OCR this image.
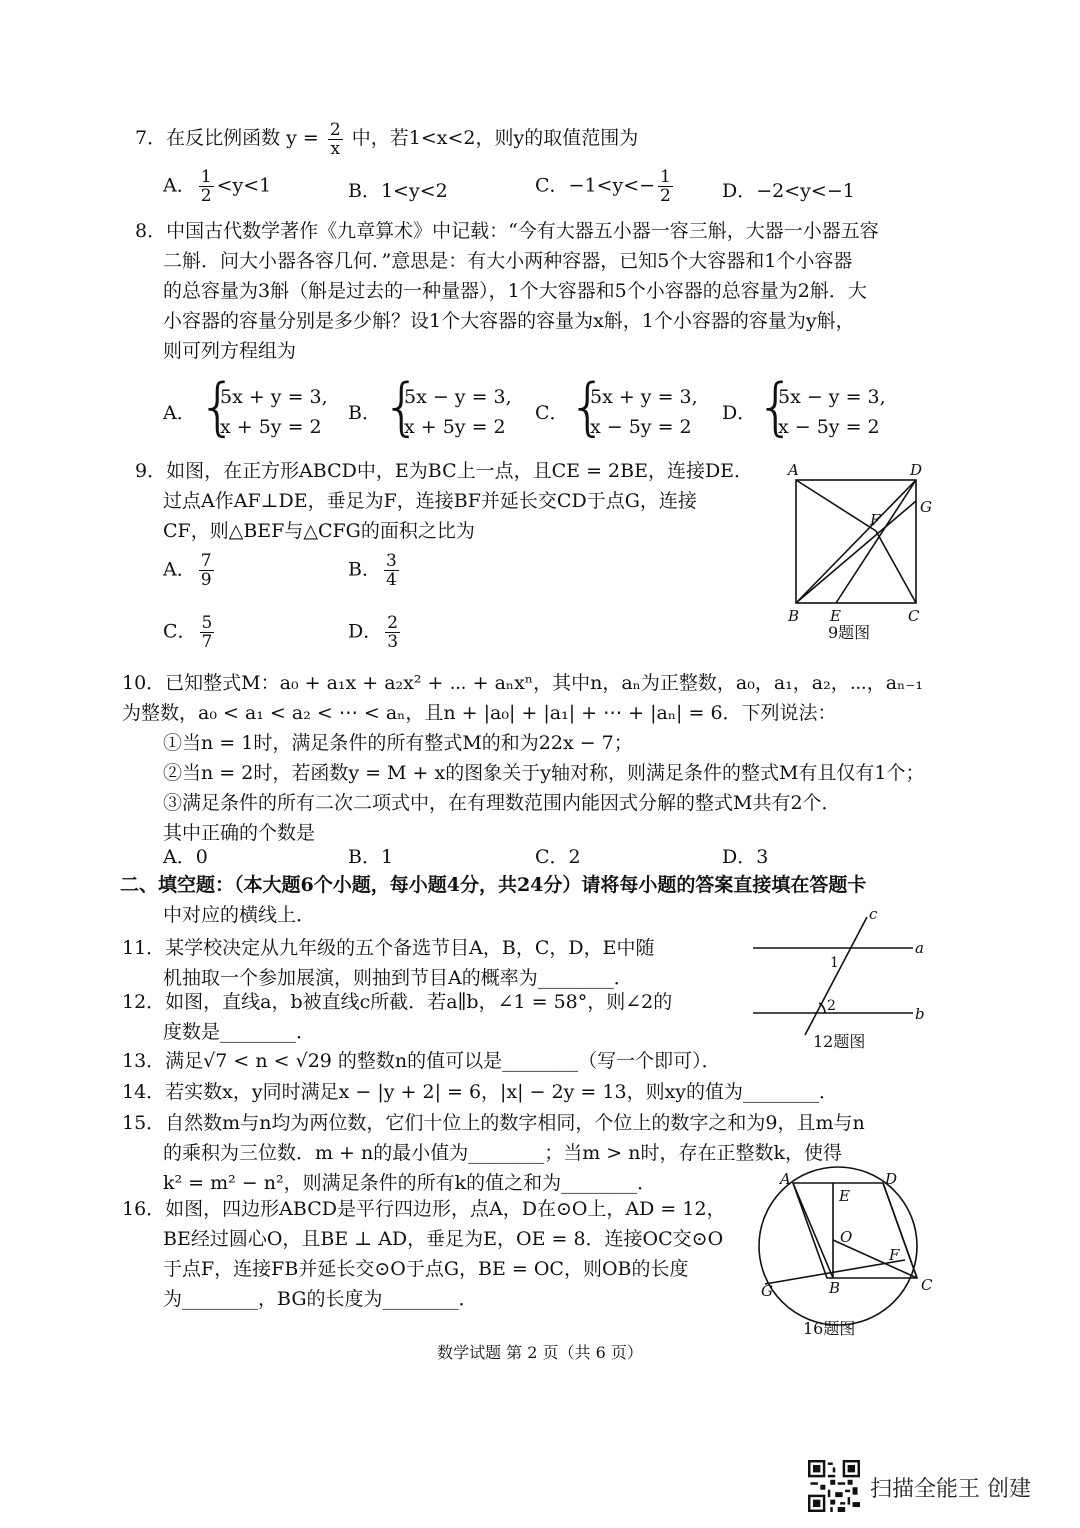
7．在反比例函数 $y = \frac{2}{x}$ 中，若1<x<2，则y的取值范围为
A． $\frac{1}{2} <y<1$	B．1<y<2	C．$-1<y<- \frac{1}{2}$	D．−2<y<−1
8．中国古代数学著作《九章算术》中记载：“今有大器五小器一容三斛，大器一小器五容
二斛．问大小器各容几何．”意思是：有大小两种容器，已知5个大容器和1个小容器
的总容量为3斛（斛是过去的一种量器），1个大容器和5个小容器的总容量为2斛．大
小容器的容量分别是多少斛？设1个大容器的容量为x斛，1个小容器的容量为y斛，
则可列方程组为
A． {
5x + y = 3,
x + 5y = 2
B． {
5x − y = 3,
x + 5y = 2
C． {
5x + y = 3,
x − 5y = 2
D． {
5x − y = 3,
x − 5y = 2
9．如图，在正方形ABCD中，E为BC上一点，且CE = 2BE，连接DE．
过点A作AF⊥DE，垂足为F，连接BF并延长交CD于点G，连接
CF，则△BEF与△CFG的面积之比为
A． $\frac{7}{9}$	B． $\frac{3}{4}$
C． $\frac{5}{7}$	D． $\frac{2}{3}$
A	D
G
F
B E	C
9题图
10．已知整式M：a₀ + a₁x + a₂x² + ⋯ + aₙxⁿ，其中n，aₙ为正整数，a₀，a₁，a₂，⋯，aₙ₋₁
为整数，a₀ < a₁ < a₂ < ⋯ < aₙ，且n + |a₀| + |a₁| + ⋯ + |aₙ| = 6．下列说法：
①当n = 1时，满足条件的所有整式M的和为22x − 7；
②当n = 2时，若函数y = M + x的图象关于y轴对称，则满足条件的整式M有且仅有1个；
③满足条件的所有二次二项式中，在有理数范围内能因式分解的整式M共有2个．
其中正确的个数是
A．0	B．1	C．2	D．3
二、填空题：（本大题6个小题，每小题4分，共24分）请将每小题的答案直接填在答题卡
中对应的横线上．
11．某学校决定从九年级的五个备选节目A，B，C，D，E中随
机抽取一个参加展演，则抽到节目A的概率为________．
12．如图，直线a，b被直线c所截．若a∥b，∠1 = 58°，则∠2的
度数是________．
c
a
b
1
2
12题图
13．满足√7 < n < √29 的整数n的值可以是________（写一个即可）．
14．若实数x，y同时满足x − |y + 2| = 6，|x| − 2y = 13，则xy的值为________．
15．自然数m与n均为两位数，它们十位上的数字相同，个位上的数字之和为9，且m与n
的乘积为三位数．m + n的最小值为________；当m > n时，存在正整数k，使得
k² = m² − n²，则满足条件的所有k的值之和为________．
16．如图，四边形ABCD是平行四边形，点A，D在⊙O上，AD = 12，
BE经过圆心O，且BE ⊥ AD，垂足为E，OE = 8．连接OC交⊙O
于点F，连接FB并延长交⊙O于点G，BE = OC，则OB的长度
为________，BG的长度为________．
A	D
E
O
F
C
B
G
16题图
数学试题 第 2 页（共 6 页）
扫描全能王 创建
